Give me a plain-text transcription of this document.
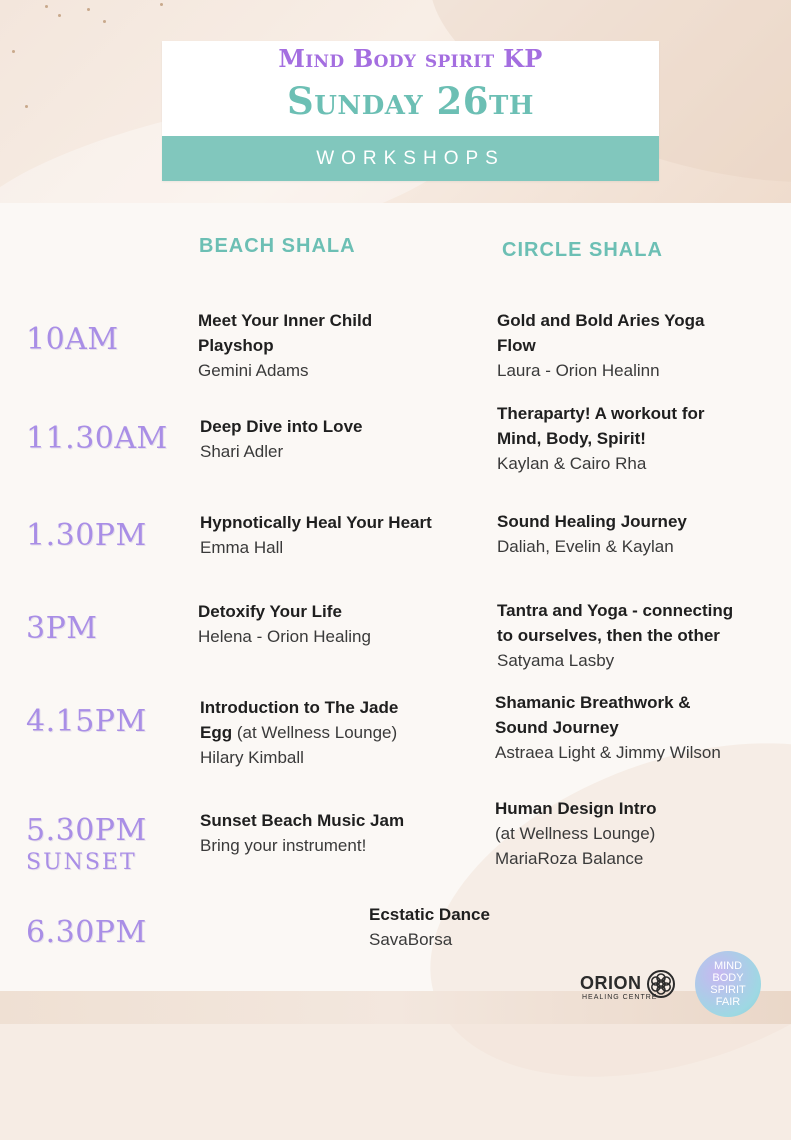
Mind Body spirit KP
Sunday 26th
WORKSHOPS
BEACH SHALA	CIRCLE SHALA
10AM
11.30AM
1.30PM
3PM
4.15PM
5.30PM
SUNSET
6.30PM
Meet Your Inner Child
Playshop
Gemini Adams
Deep Dive into Love
Shari Adler
Hypnotically Heal Your Heart
Emma Hall
Detoxify Your Life
Helena - Orion Healing
Introduction to The Jade
Egg (at Wellness Lounge)
Hilary Kimball
Sunset Beach Music Jam
Bring your instrument!
Gold and Bold Aries Yoga
Flow
Laura - Orion Healinn
Theraparty! A workout for
Mind, Body, Spirit!
Kaylan & Cairo Rha
Sound Healing Journey
Daliah, Evelin & Kaylan
Tantra and Yoga - connecting
to ourselves, then the other
Satyama Lasby
Shamanic Breathwork &
Sound Journey
Astraea Light & Jimmy Wilson
Human Design Intro
(at Wellness Lounge)
MariaRoza Balance
Ecstatic Dance
SavaBorsa
ORION
HEALING CENTRE
MIND
BODY
SPIRIT
FAIR
